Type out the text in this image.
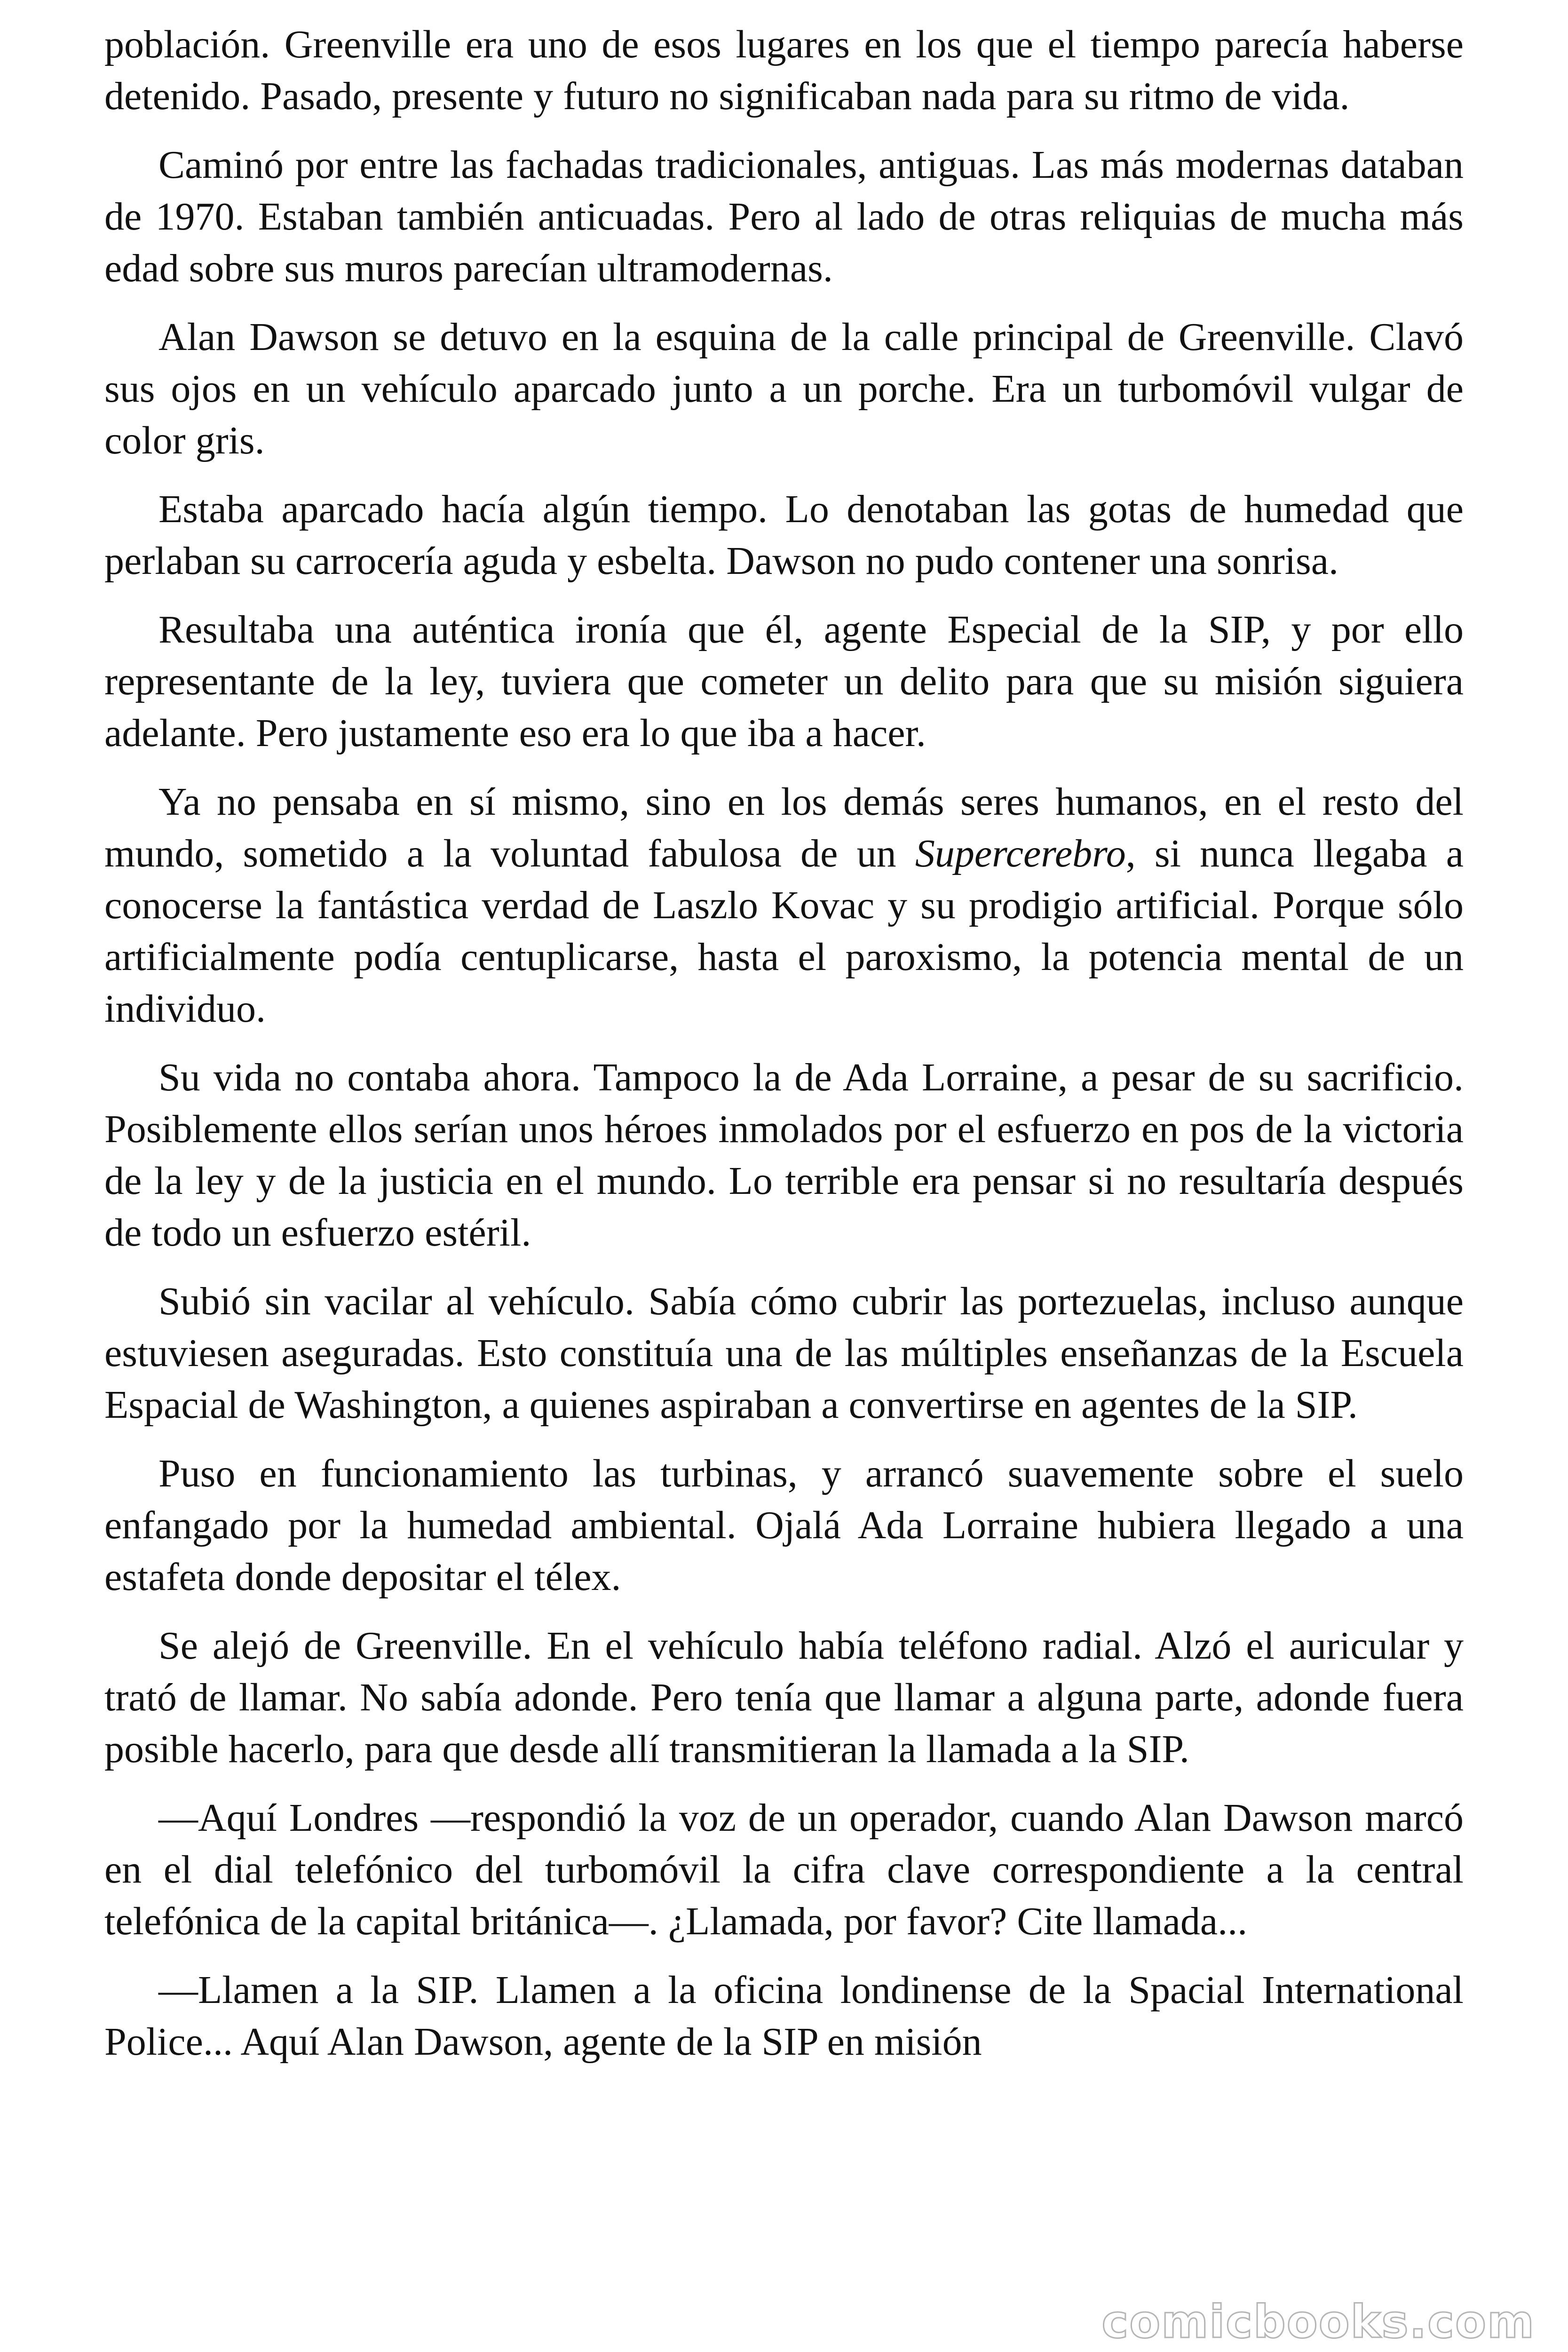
población. Greenville era uno de esos lugares en los que el tiempo parecía haberse detenido. Pasado, presente y futuro no significaban nada para su ritmo de vida.

Caminó por entre las fachadas tradicionales, antiguas. Las más modernas databan de 1970. Estaban también anticuadas. Pero al lado de otras reliquias de mucha más edad sobre sus muros parecían ultramodernas.

Alan Dawson se detuvo en la esquina de la calle principal de Greenville. Clavó sus ojos en un vehículo aparcado junto a un porche. Era un turbomóvil vulgar de color gris.

Estaba aparcado hacía algún tiempo. Lo denotaban las gotas de humedad que perlaban su carrocería aguda y esbelta. Dawson no pudo contener una sonrisa.

Resultaba una auténtica ironía que él, agente Especial de la SIP, y por ello representante de la ley, tuviera que cometer un delito para que su misión siguiera adelante. Pero justamente eso era lo que iba a hacer.

Ya no pensaba en sí mismo, sino en los demás seres humanos, en el resto del mundo, sometido a la voluntad fabulosa de un Supercerebro, si nunca llegaba a conocerse la fantástica verdad de Laszlo Kovac y su prodigio artificial. Porque sólo artificialmente podía centuplicarse, hasta el paroxismo, la potencia mental de un individuo.

Su vida no contaba ahora. Tampoco la de Ada Lorraine, a pesar de su sacrificio. Posiblemente ellos serían unos héroes inmolados por el esfuerzo en pos de la victoria de la ley y de la justicia en el mundo. Lo terrible era pensar si no resultaría después de todo un esfuerzo estéril.

Subió sin vacilar al vehículo. Sabía cómo cubrir las portezuelas, incluso aunque estuviesen aseguradas. Esto constituía una de las múltiples enseñanzas de la Escuela Espacial de Washington, a quienes aspiraban a convertirse en agentes de la SIP.

Puso en funcionamiento las turbinas, y arrancó suavemente sobre el suelo enfangado por la humedad ambiental. Ojalá Ada Lorraine hubiera llegado a una estafeta donde depositar el télex.

Se alejó de Greenville. En el vehículo había teléfono radial. Alzó el auricular y trató de llamar. No sabía adonde. Pero tenía que llamar a alguna parte, adonde fuera posible hacerlo, para que desde allí transmitieran la llamada a la SIP.

—Aquí Londres —respondió la voz de un operador, cuando Alan Dawson marcó en el dial telefónico del turbomóvil la cifra clave correspondiente a la central telefónica de la capital británica—. ¿Llamada, por favor? Cite llamada...

—Llamen a la SIP. Llamen a la oficina londinense de la Spacial International Police... Aquí Alan Dawson, agente de la SIP en misión

comicbooks.com
